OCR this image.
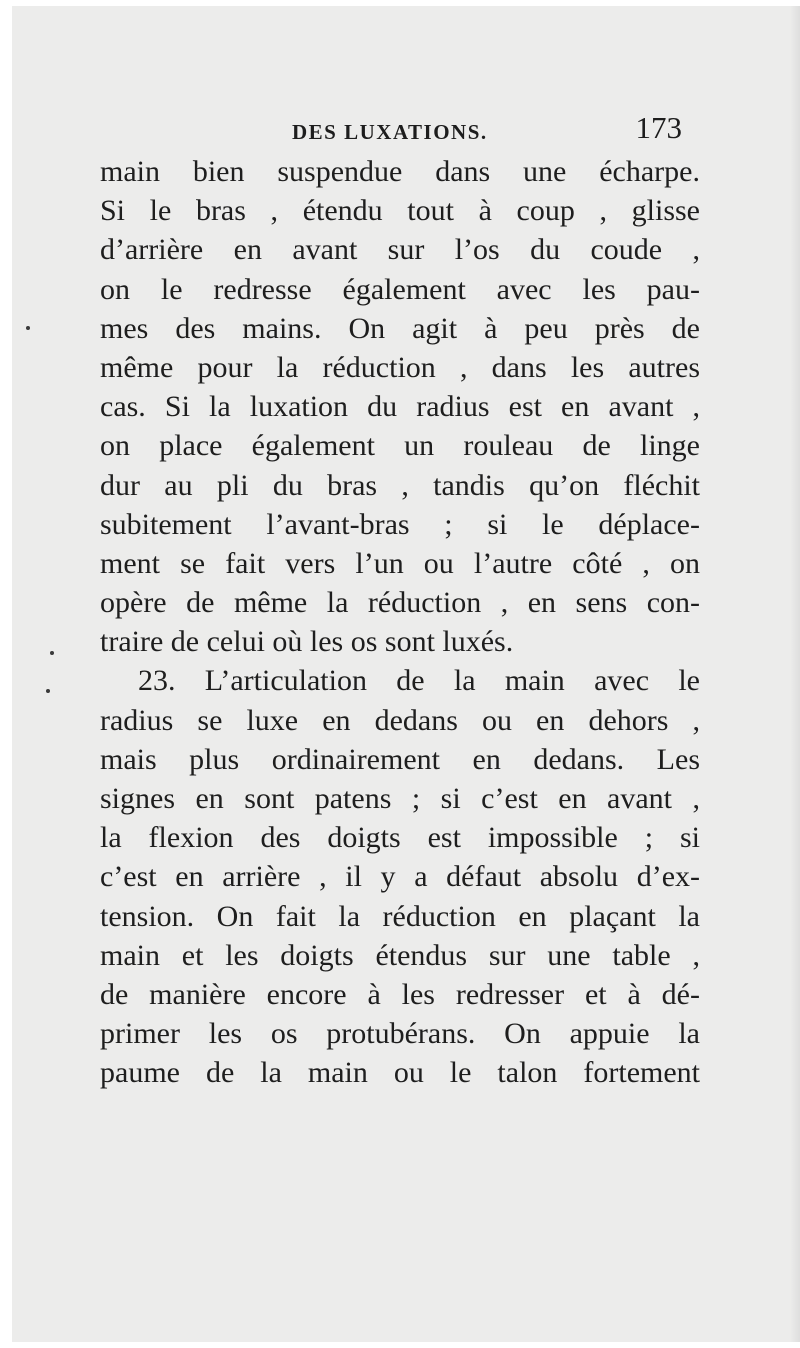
DES LUXATIONS.	173
main bien suspendue dans une écharpe.
Si le bras , étendu tout à coup , glisse
d’arrière en avant sur l’os du coude ,
on le redresse également avec les pau-
mes des mains. On agit à peu près de
même pour la réduction , dans les autres
cas. Si la luxation du radius est en avant ,
on place également un rouleau de linge
dur au pli du bras , tandis qu’on fléchit
subitement l’avant-bras ; si le déplace-
ment se fait vers l’un ou l’autre côté , on
opère de même la réduction , en sens con-
traire de celui où les os sont luxés.
23. L’articulation de la main avec le
radius se luxe en dedans ou en dehors ,
mais plus ordinairement en dedans. Les
signes en sont patens ; si c’est en avant ,
la flexion des doigts est impossible ; si
c’est en arrière , il y a défaut absolu d’ex-
tension. On fait la réduction en plaçant la
main et les doigts étendus sur une table ,
de manière encore à les redresser et à dé-
primer les os protubérans. On appuie la
paume de la main ou le talon fortement
